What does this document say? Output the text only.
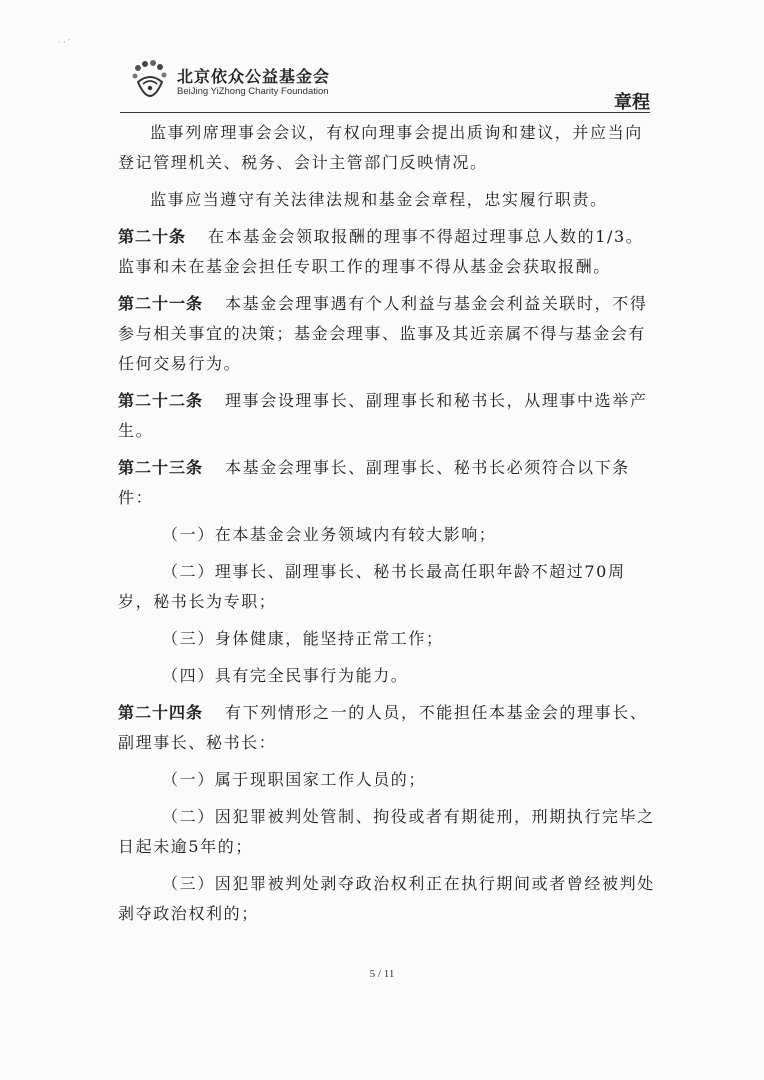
· · ′
北京依众公益基金会
BeiJing YiZhong Charity Foundation
章程

监事列席理事会会议，有权向理事会提出质询和建议，并应当向登记管理机关、税务、会计主管部门反映情况。

监事应当遵守有关法律法规和基金会章程，忠实履行职责。

第二十条 在本基金会领取报酬的理事不得超过理事总人数的1/3。监事和未在基金会担任专职工作的理事不得从基金会获取报酬。

第二十一条 本基金会理事遇有个人利益与基金会利益关联时，不得参与相关事宜的决策；基金会理事、监事及其近亲属不得与基金会有任何交易行为。

第二十二条 理事会设理事长、副理事长和秘书长，从理事中选举产生。

第二十三条 本基金会理事长、副理事长、秘书长必须符合以下条件：

（一）在本基金会业务领域内有较大影响；

（二）理事长、副理事长、秘书长最高任职年龄不超过70周岁，秘书长为专职；

（三）身体健康，能坚持正常工作；

（四）具有完全民事行为能力。

第二十四条 有下列情形之一的人员，不能担任本基金会的理事长、副理事长、秘书长：

（一）属于现职国家工作人员的；

（二）因犯罪被判处管制、拘役或者有期徒刑，刑期执行完毕之日起未逾5年的；

（三）因犯罪被判处剥夺政治权利正在执行期间或者曾经被判处剥夺政治权利的；

5 / 11
